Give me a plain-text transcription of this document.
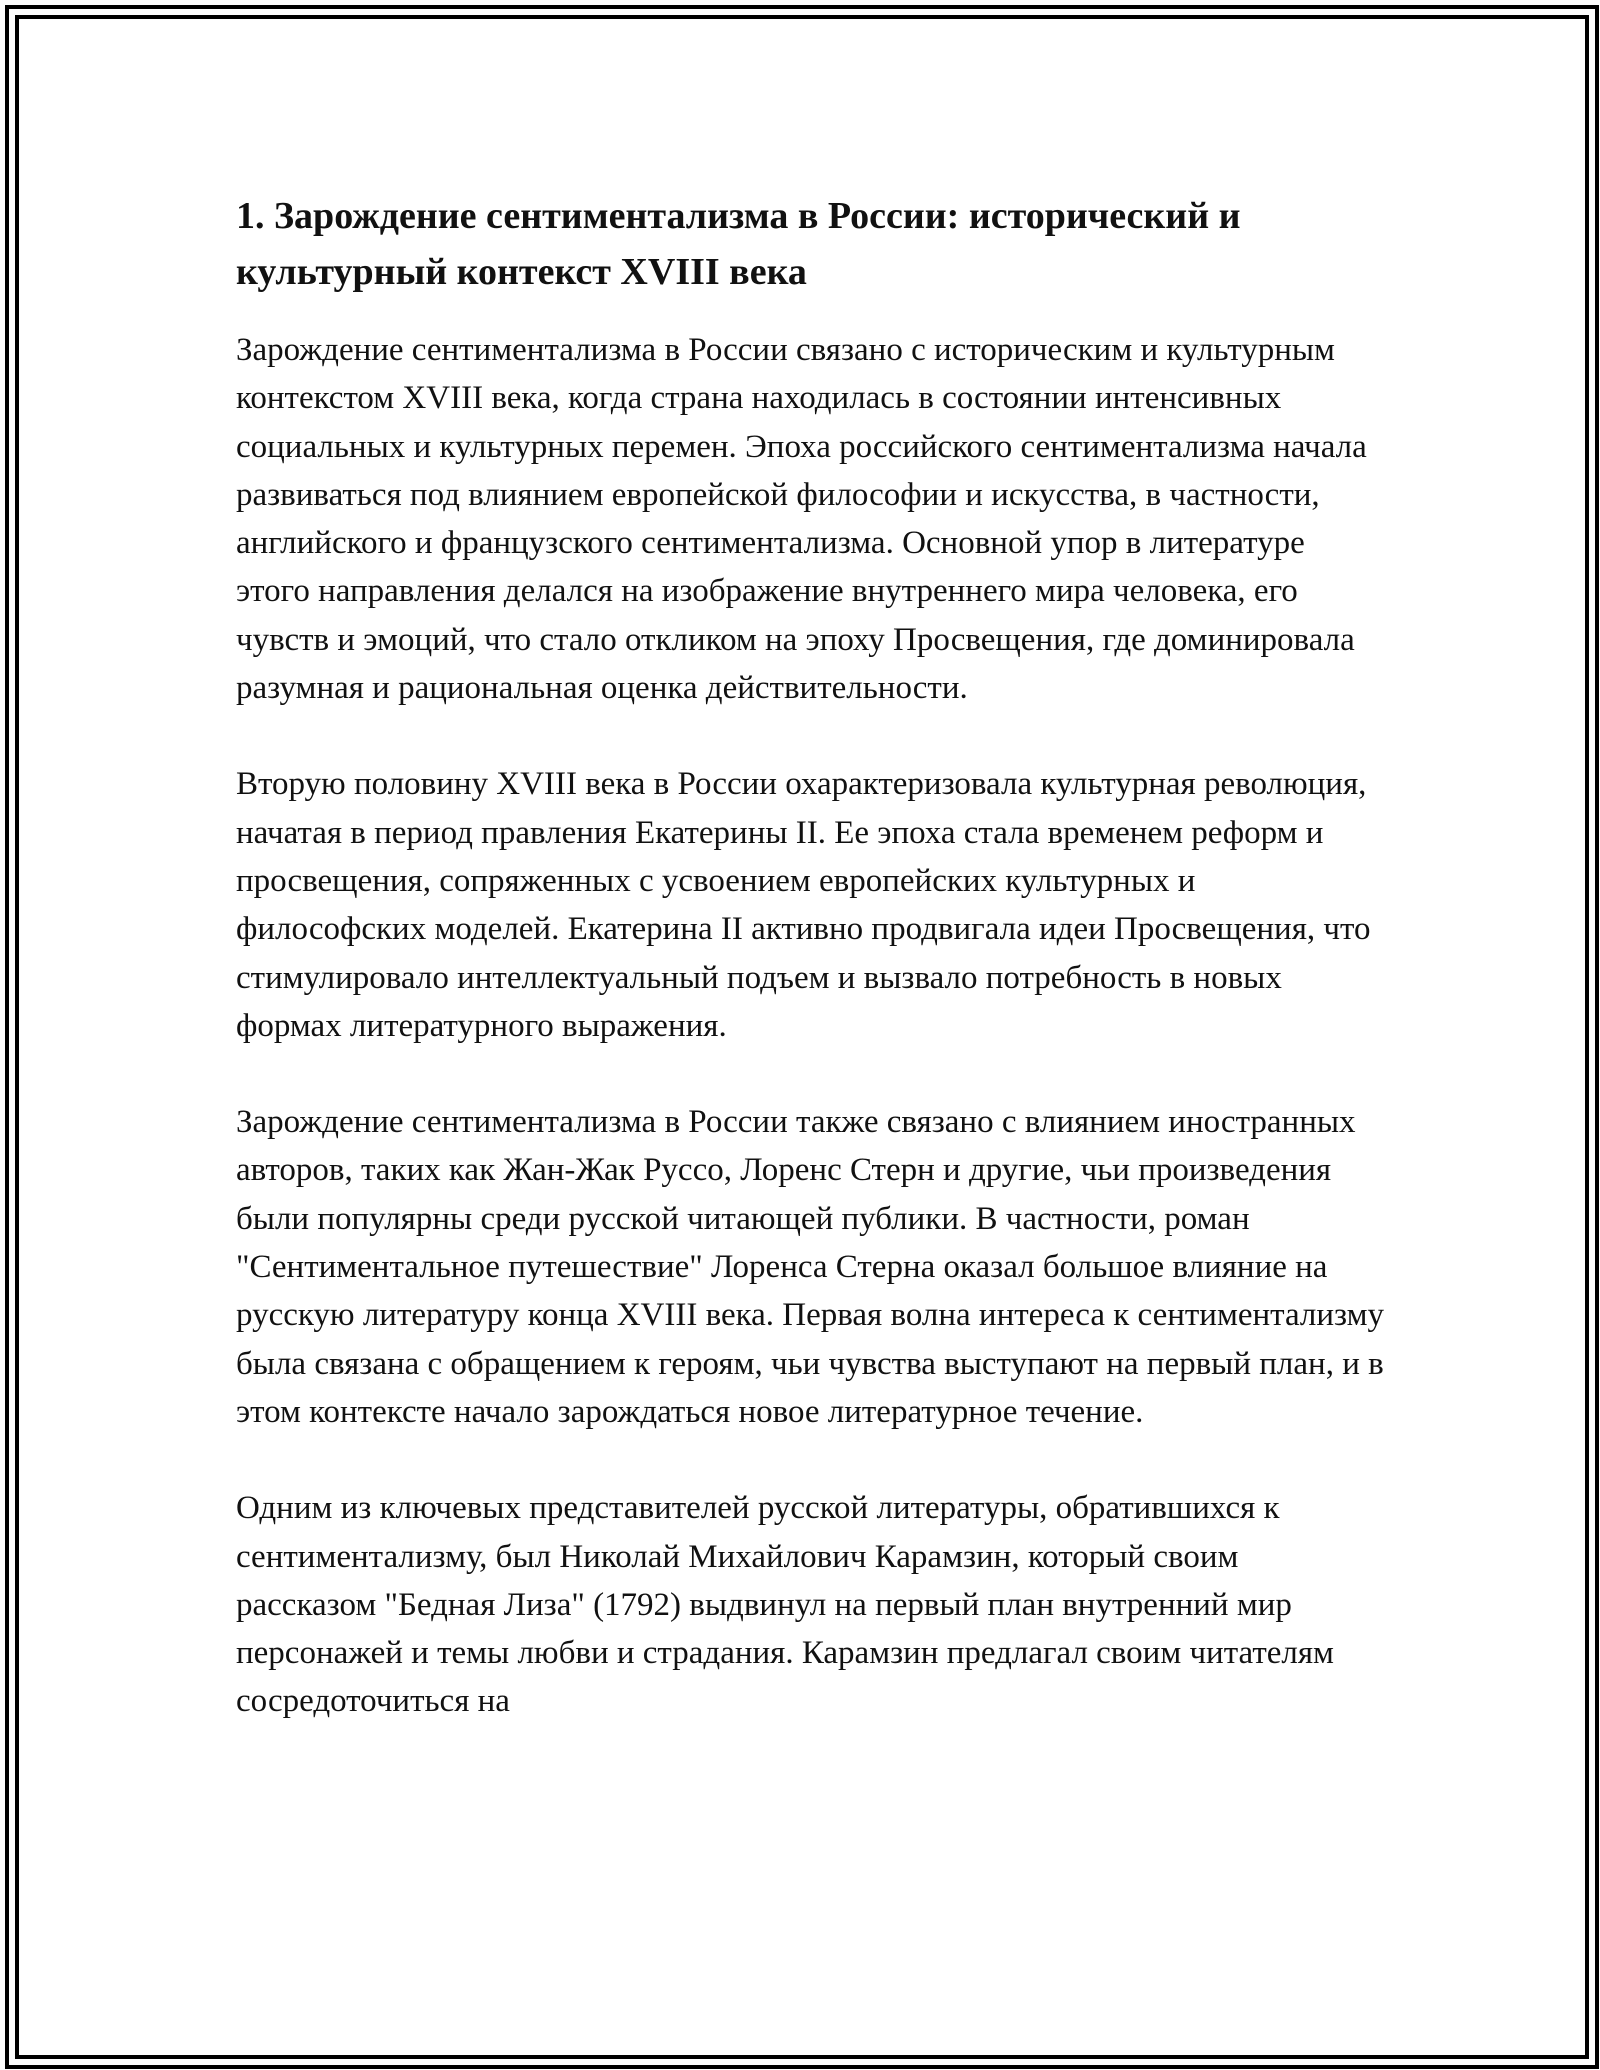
1. Зарождение сентиментализма в России: исторический и культурный контекст XVIII века

Зарождение сентиментализма в России связано с историческим и культурным контекстом XVIII века, когда страна находилась в состоянии интенсивных социальных и культурных перемен. Эпоха российского сентиментализма начала развиваться под влиянием европейской философии и искусства, в частности, английского и французского сентиментализма. Основной упор в литературе этого направления делался на изображение внутреннего мира человека, его чувств и эмоций, что стало откликом на эпоху Просвещения, где доминировала разумная и рациональная оценка действительности.

Вторую половину XVIII века в России охарактеризовала культурная революция, начатая в период правления Екатерины II. Ее эпоха стала временем реформ и просвещения, сопряженных с усвоением европейских культурных и философских моделей. Екатерина II активно продвигала идеи Просвещения, что стимулировало интеллектуальный подъем и вызвало потребность в новых формах литературного выражения.

Зарождение сентиментализма в России также связано с влиянием иностранных авторов, таких как Жан-Жак Руссо, Лоренс Стерн и другие, чьи произведения были популярны среди русской читающей публики. В частности, роман "Сентиментальное путешествие" Лоренса Стерна оказал большое влияние на русскую литературу конца XVIII века. Первая волна интереса к сентиментализму была связана с обращением к героям, чьи чувства выступают на первый план, и в этом контексте начало зарождаться новое литературное течение.

Одним из ключевых представителей русской литературы, обратившихся к сентиментализму, был Николай Михайлович Карамзин, который своим рассказом "Бедная Лиза" (1792) выдвинул на первый план внутренний мир персонажей и темы любви и страдания. Карамзин предлагал своим читателям сосредоточиться на
